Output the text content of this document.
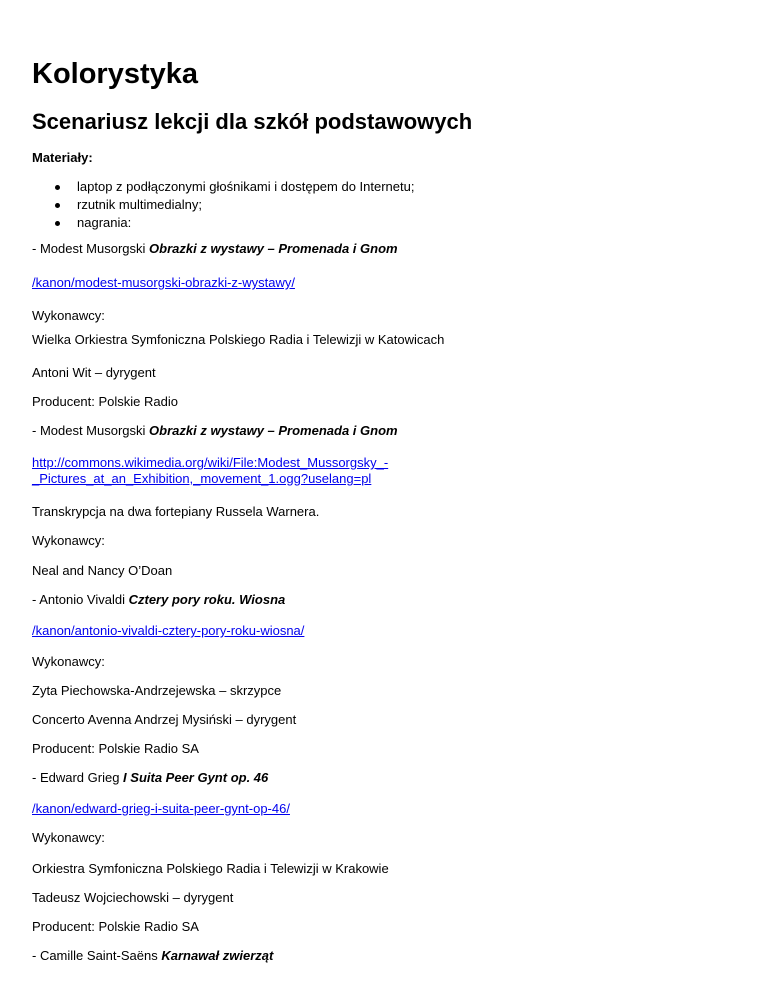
Kolorystyka
Scenariusz lekcji dla szkół podstawowych
Materiały:
laptop z podłączonymi głośnikami i dostępem do Internetu;
rzutnik multimedialny;
nagrania:
- Modest Musorgski Obrazki z wystawy – Promenada i Gnom
/kanon/modest-musorgski-obrazki-z-wystawy/
Wykonawcy:
Wielka Orkiestra Symfoniczna Polskiego Radia i Telewizji w Katowicach
Antoni Wit – dyrygent
Producent: Polskie Radio
- Modest Musorgski Obrazki z wystawy – Promenada i Gnom
http://commons.wikimedia.org/wiki/File:Modest_Mussorgsky_-
_Pictures_at_an_Exhibition,_movement_1.ogg?uselang=pl
Transkrypcja na dwa fortepiany Russela Warnera.
Wykonawcy:
Neal and Nancy O’Doan
- Antonio Vivaldi Cztery pory roku. Wiosna
/kanon/antonio-vivaldi-cztery-pory-roku-wiosna/
Wykonawcy:
Zyta Piechowska-Andrzejewska – skrzypce
Concerto Avenna Andrzej Mysiński – dyrygent
Producent: Polskie Radio SA
- Edward Grieg I Suita Peer Gynt op. 46
/kanon/edward-grieg-i-suita-peer-gynt-op-46/
Wykonawcy:
Orkiestra Symfoniczna Polskiego Radia i Telewizji w Krakowie
Tadeusz Wojciechowski – dyrygent
Producent: Polskie Radio SA
- Camille Saint-Saëns Karnawał zwierząt
